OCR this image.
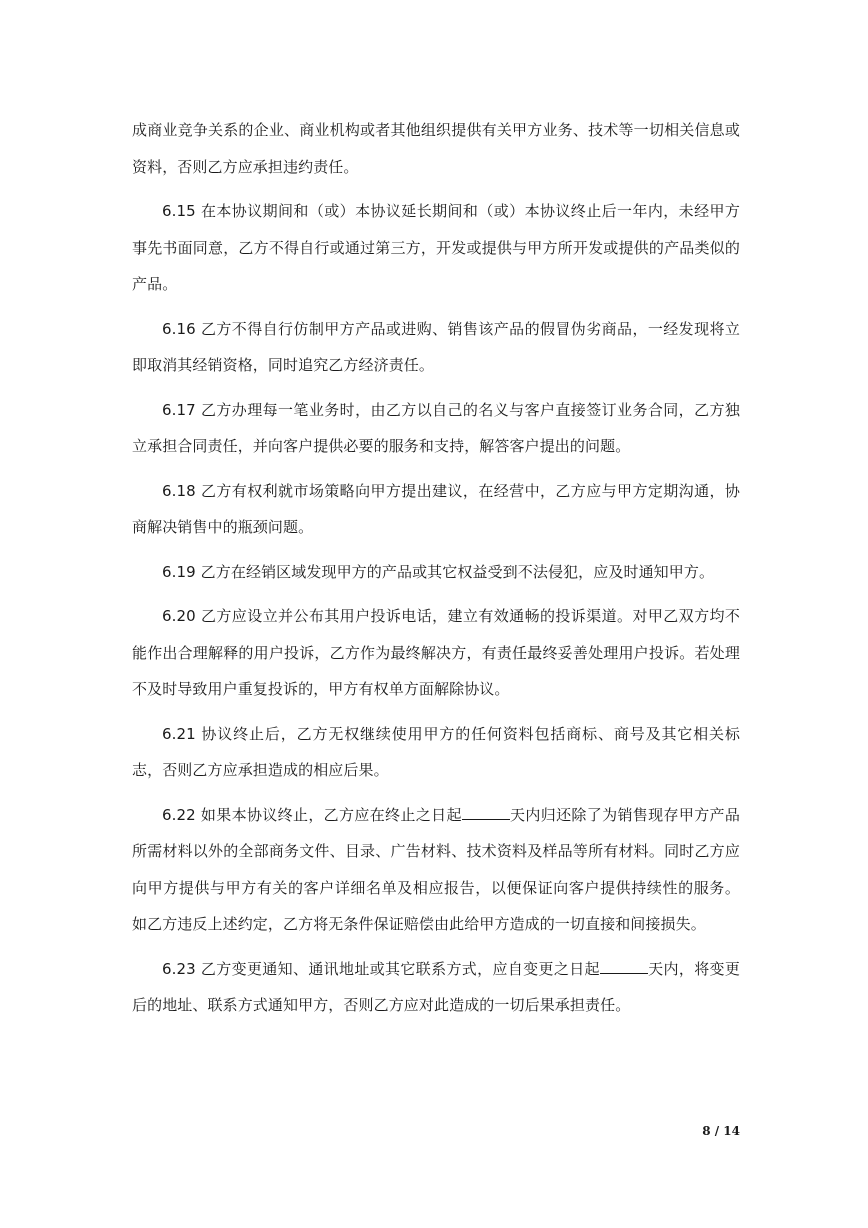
成商业竞争关系的企业、商业机构或者其他组织提供有关甲方业务、技术等一切相关信息或资料，否则乙方应承担违约责任。

6.15 在本协议期间和（或）本协议延长期间和（或）本协议终止后一年内，未经甲方事先书面同意，乙方不得自行或通过第三方，开发或提供与甲方所开发或提供的产品类似的产品。

6.16 乙方不得自行仿制甲方产品或进购、销售该产品的假冒伪劣商品，一经发现将立即取消其经销资格，同时追究乙方经济责任。

6.17 乙方办理每一笔业务时，由乙方以自己的名义与客户直接签订业务合同，乙方独立承担合同责任，并向客户提供必要的服务和支持，解答客户提出的问题。

6.18 乙方有权利就市场策略向甲方提出建议，在经营中，乙方应与甲方定期沟通，协商解决销售中的瓶颈问题。

6.19 乙方在经销区域发现甲方的产品或其它权益受到不法侵犯，应及时通知甲方。

6.20 乙方应设立并公布其用户投诉电话，建立有效通畅的投诉渠道。对甲乙双方均不能作出合理解释的用户投诉，乙方作为最终解决方，有责任最终妥善处理用户投诉。若处理不及时导致用户重复投诉的，甲方有权单方面解除协议。

6.21 协议终止后，乙方无权继续使用甲方的任何资料包括商标、商号及其它相关标志，否则乙方应承担造成的相应后果。

6.22 如果本协议终止，乙方应在终止之日起	天内归还除了为销售现存甲方产品所需材料以外的全部商务文件、目录、广告材料、技术资料及样品等所有材料。同时乙方应向甲方提供与甲方有关的客户详细名单及相应报告，以便保证向客户提供持续性的服务。 如乙方违反上述约定，乙方将无条件保证赔偿由此给甲方造成的一切直接和间接损失。

6.23 乙方变更通知、通讯地址或其它联系方式，应自变更之日起	天内，将变更后的地址、联系方式通知甲方，否则乙方应对此造成的一切后果承担责任。

8 / 14
